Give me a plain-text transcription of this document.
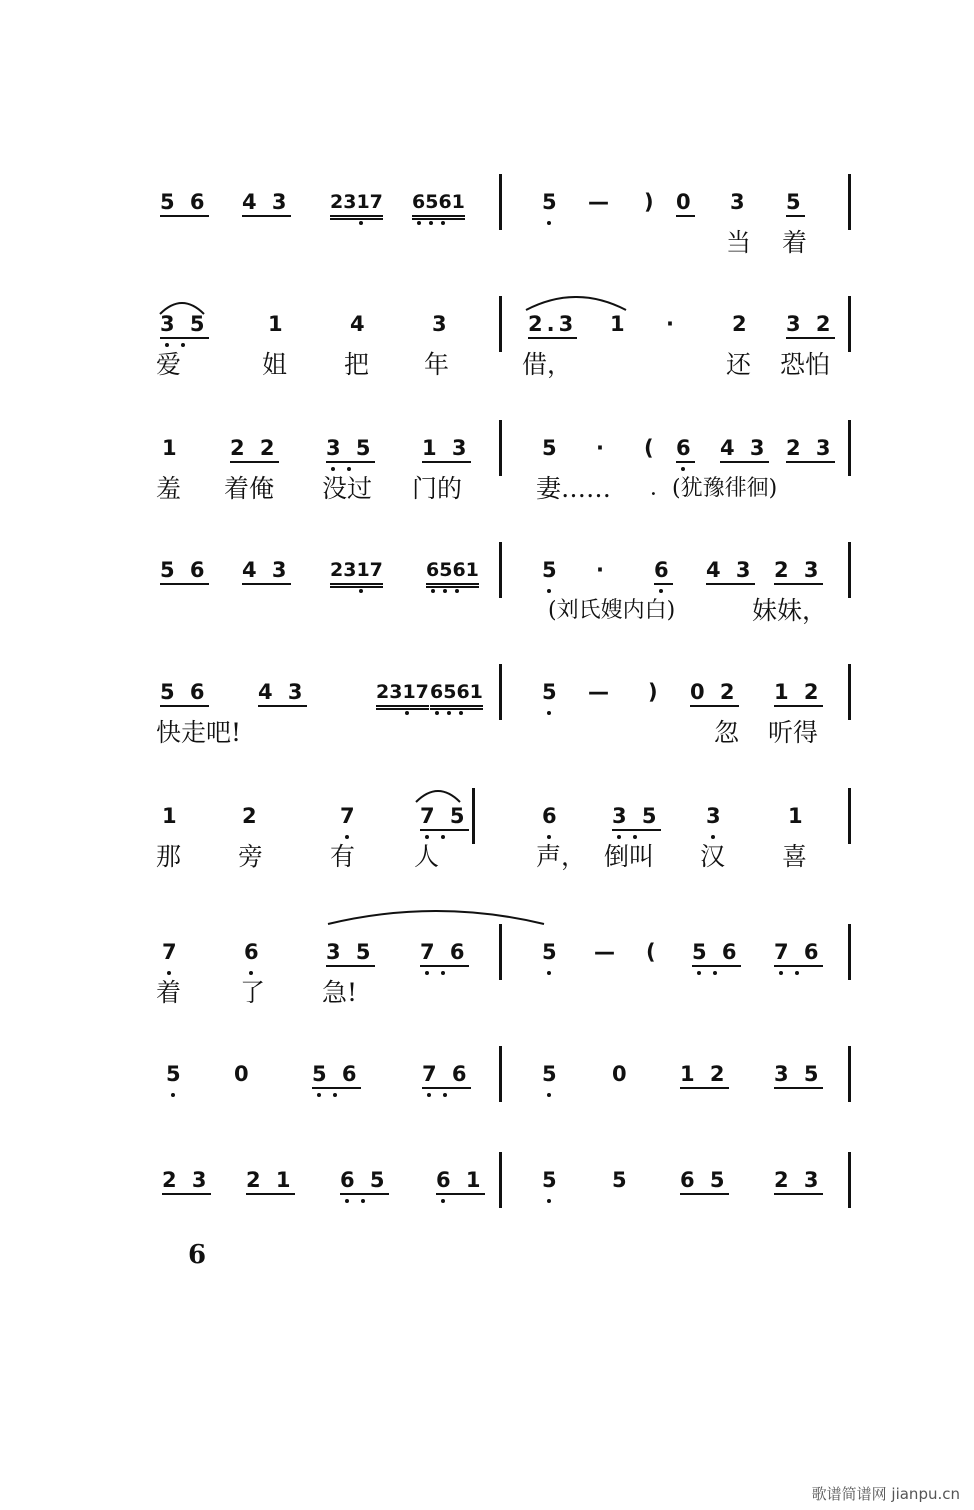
5 6 4 3 2317 6561	5 — ) 0 3 5
当 着
3 5	1	4	3	2.3 1 ·	2 3 2
爱	姐 把 年	借，	还 恐怕
1 2 2 3 5 1 3	5 · ( 6 4 3 2 3
羞 着俺 没过 门的	妻…… ．(犹豫徘徊)
5 6 4 3 2317 6561	5 · 6 4 3 2 3
(刘氏嫂内白)	妹妹，
5 6 4 3	2317 6561	5 — ) 0 2 1 2
快走吧!	忽 听得
1	2	7	7 5	6 3 5 3	1
那 旁	有 人	声， 倒叫 汉 喜
7	6	3 5 7 6	5 — ( 5 6 7 6
着 了 急!
5 0	5 6	7 6	5 0 1 2 3 5
2 3 2 1 6 5 6 1	5 5 6 5 2 3
6
歌谱简谱网 jianpu.cn
